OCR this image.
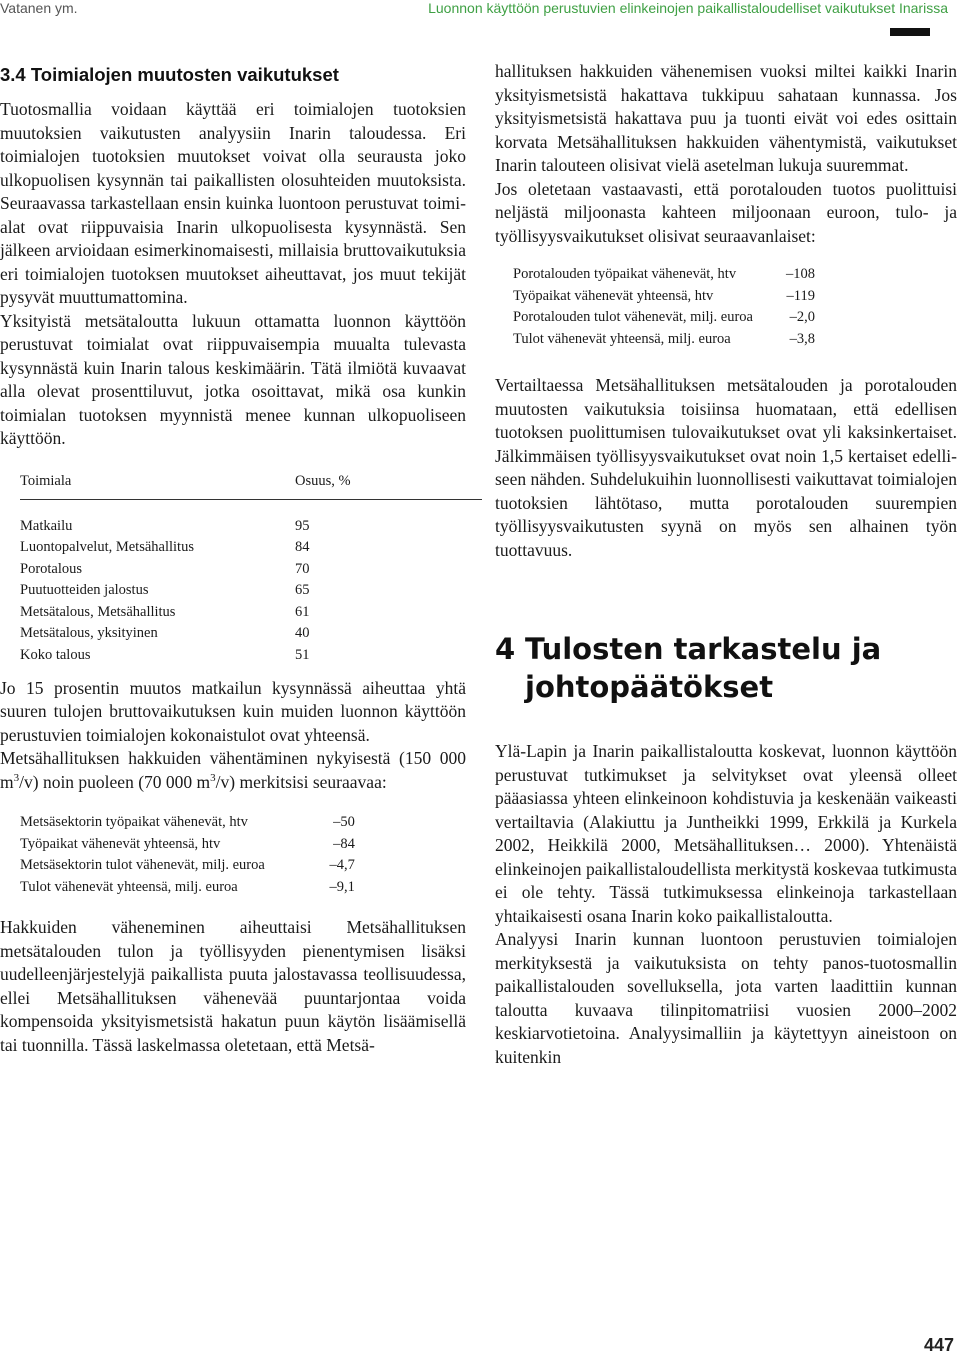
Vatanen ym.	Luonnon käyttöön perustuvien elinkeinojen paikallistaloudelliset vaikutukset Inarissa
3.4 Toimialojen muutosten vaikutukset

Tuotosmallia voidaan käyttää eri toimialojen tuotoksien muutoksien vaikutusten analyysiin Inarin taloudessa. Eri toimialojen tuotoksien muutokset voivat olla seurausta joko ulkopuolisen kysynnän tai paikallisten olosuhteiden muutoksista. Seuraavassa tarkastellaan ensin kuinka luontoon perustuvat toimialat ovat riippuvaisia Inarin ulkopuolisesta kysynnästä. Sen jälkeen arvioidaan esimerkinomaisesti, millaisia bruttovaikutuksia eri toimialojen tuotoksen muutokset aiheuttavat, jos muut tekijät pysyvät muuttumattomina.

Yksityistä metsätaloutta lukuun ottamatta luonnon käyttöön perustuvat toimialat ovat riippuvaisempia muualta tulevasta kysynnästä kuin Inarin talous keskimäärin. Tätä ilmiötä kuvaavat alla olevat prosenttiluvut, jotka osoittavat, mikä osa kunkin toimialan tuotoksen myynnistä menee kunnan ulkopuoliseen käyttöön.

Toimiala	Osuus, %
Matkailu	95
Luontopalvelut, Metsähallitus	84
Porotalous	70
Puutuotteiden jalostus	65
Metsätalous, Metsähallitus	61
Metsätalous, yksityinen	40
Koko talous	51

Jo 15 prosentin muutos matkailun kysynnässä aiheuttaa yhtä suuren tulojen bruttovaikutuksen kuin muiden luonnon käyttöön perustuvien toimialojen kokonaistulot ovat yhteensä.

Metsähallituksen hakkuiden vähentäminen nykyisestä (150 000 $m^3/v$) noin puoleen (70 000 $m^3/v$) merkitsisi seuraavaa:

Metsäsektorin työpaikat vähenevät, htv	–50
Työpaikat vähenevät yhteensä, htv	–84
Metsäsektorin tulot vähenevät, milj. euroa	–4,7
Tulot vähenevät yhteensä, milj. euroa	–9,1

Hakkuiden väheneminen aiheuttaisi Metsähallituksen metsätalouden tulon ja työllisyyden pienentymisen lisäksi uudelleenjärjestelyjä paikallista puuta jalostavassa teollisuudessa, ellei Metsähallituksen vähenevää puuntarjontaa voida kompensoida yksityismetsistä hakatun puun käytön lisäämisellä tai tuonnilla. Tässä laskelmassa oletetaan, että Metsä-

hallituksen hakkuiden vähenemisen vuoksi miltei kaikki Inarin yksityismetsistä hakattava tukkipuu sahataan kunnassa. Jos yksityismetsistä hakattava puu ja tuonti eivät voi edes osittain korvata Metsähallituksen hakkuiden vähentymistä, vaikutukset Inarin talouteen olisivat vielä asetelman lukuja suuremmat.

Jos oletetaan vastaavasti, että porotalouden tuotos puolittuisi neljästä miljoonasta kahteen miljoonaan euroon, tulo- ja työllisyysvaikutukset olisivat seuraavanlaiset:

Porotalouden työpaikat vähenevät, htv	–108
Työpaikat vähenevät yhteensä, htv	–119
Porotalouden tulot vähenevät, milj. euroa	–2,0
Tulot vähenevät yhteensä, milj. euroa	–3,8

Vertailtaessa Metsähallituksen metsätalouden ja porotalouden muutosten vaikutuksia toisiinsa huomataan, että edellisen tuotoksen puolittumisen tulovaikutukset ovat yli kaksinkertaiset. Jälkimmäisen työllisyysvaikutukset ovat noin 1,5 kertaiset edelliseen nähden. Suhdelukuihin luonnollisesti vaikuttavat toimialojen tuotoksien lähtötaso, mutta porotalouden suurempien työllisyysvaikutusten syynä on myös sen alhainen työn tuottavuus.

4 Tulosten tarkastelu ja
johtopäätökset

Ylä-Lapin ja Inarin paikallistaloutta koskevat, luonnon käyttöön perustuvat tutkimukset ja selvitykset ovat yleensä olleet pääasiassa yhteen elinkeinoon kohdistuvia ja keskenään vaikeasti vertailtavia (Alakiuttu ja Juntheikki 1999, Erkkilä ja Kurkela 2002, Heikkilä 2000, Metsähallituksen… 2000). Yhtenäistä elinkeinojen paikallistaloudellista merkitystä koskevaa tutkimusta ei ole tehty. Tässä tutkimuksessa elinkeinoja tarkastellaan yhtaikaisesti osana Inarin koko paikallistaloutta.

Analyysi Inarin kunnan luontoon perustuvien toimialojen merkityksestä ja vaikutuksista on tehty panos-tuotosmallin paikallistalouden sovelluksella, jota varten laadittiin kunnan taloutta kuvaava tilinpitomatriisi vuosien 2000–2002 keskiarvotietoina. Analyysimalliin ja käytettyyn aineistoon on kuitenkin

447
